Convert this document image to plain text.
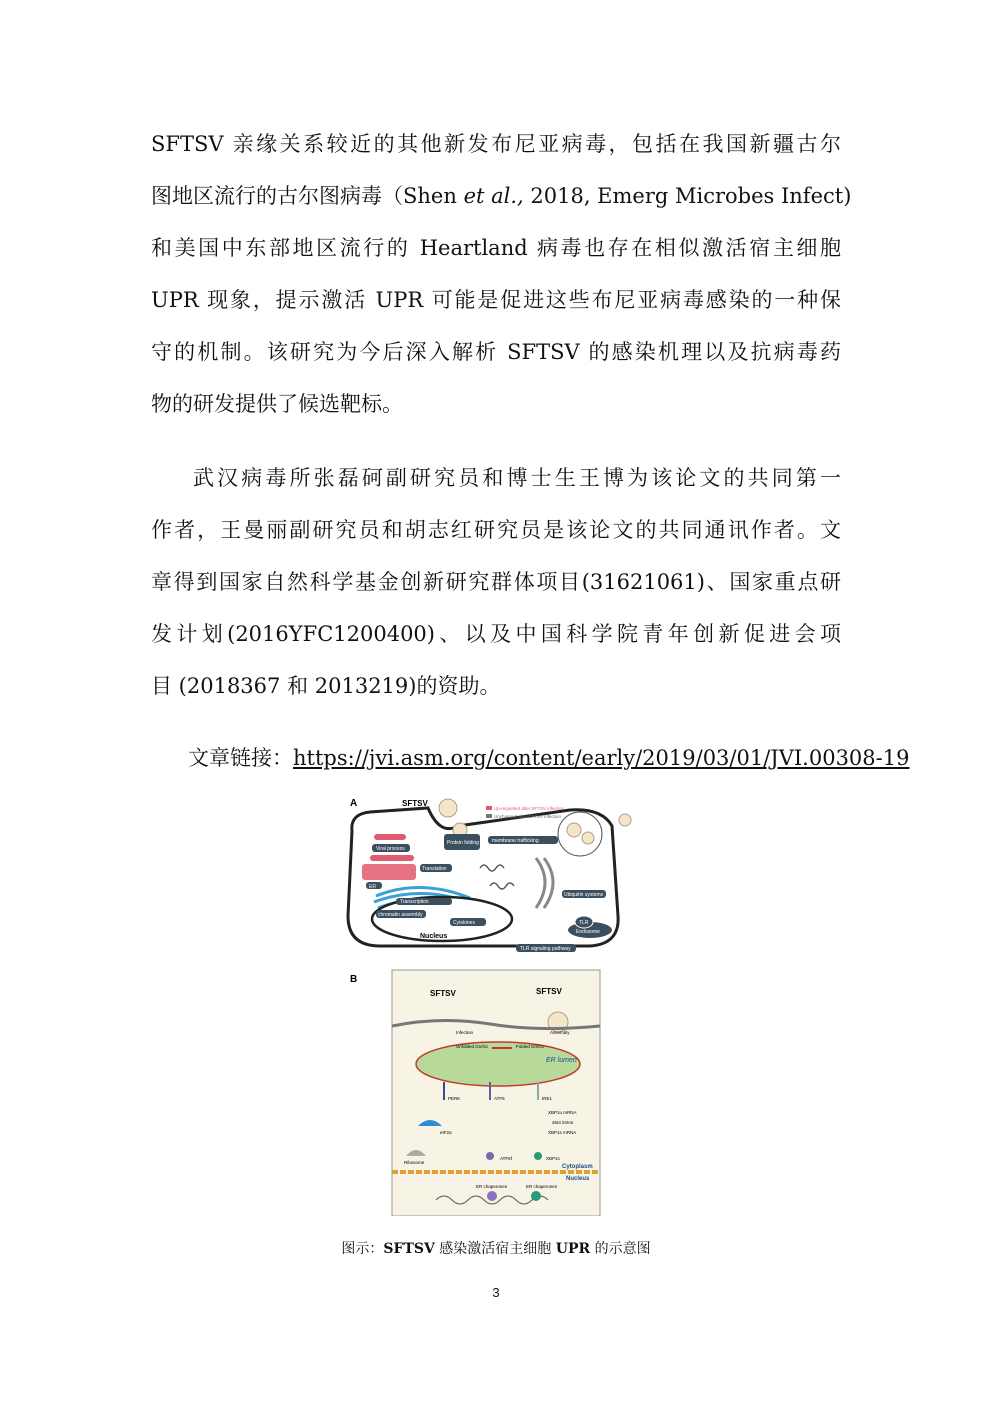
SFTSV 亲缘关系较近的其他新发布尼亚病毒，包括在我国新疆古尔
图地区流行的古尔图病毒（Shen et al., 2018, Emerg Microbes Infect)
和美国中东部地区流行的 Heartland 病毒也存在相似激活宿主细胞
UPR 现象，提示激活 UPR 可能是促进这些布尼亚病毒感染的一种保
守的机制。该研究为今后深入解析 SFTSV 的感染机理以及抗病毒药
物的研发提供了候选靶标。
武汉病毒所张磊砢副研究员和博士生王博为该论文的共同第一
作者，王曼丽副研究员和胡志红研究员是该论文的共同通讯作者。文
章得到国家自然科学基金创新研究群体项目(31621061)、国家重点研
发计划(2016YFC1200400)、以及中国科学院青年创新促进会项
目 (2018367 和 2013219)的资助。
文章链接：https://jvi.asm.org/content/early/2019/03/01/JVI.00308-19
A	SFTSV
Up-regulated after SFTSV infection
Unchanged after SFTSV infection
Viral process
ER
Translation
Protein folding	membrane trafficking
Transcription
chromatin assembly
Nucleus
Cytokines
Ubiquitin systems
Endosome
TLR
TLR signaling pathway
B
SFTSV	SFTSV
Infection	Assembly
ER lumen
Unfolded Gn/Gc	Folded Gn/Gc
PERK	ATF6	IRE1
eIF2α
Ribosome
ATF6f
XBP1u mRNA
26nt intron
XBP1s mRNA
XBP1s
Cytoplasm
Nucleus
ER chaperones	ER chaperones
图示：SFTSV 感染激活宿主细胞 UPR 的示意图
3
